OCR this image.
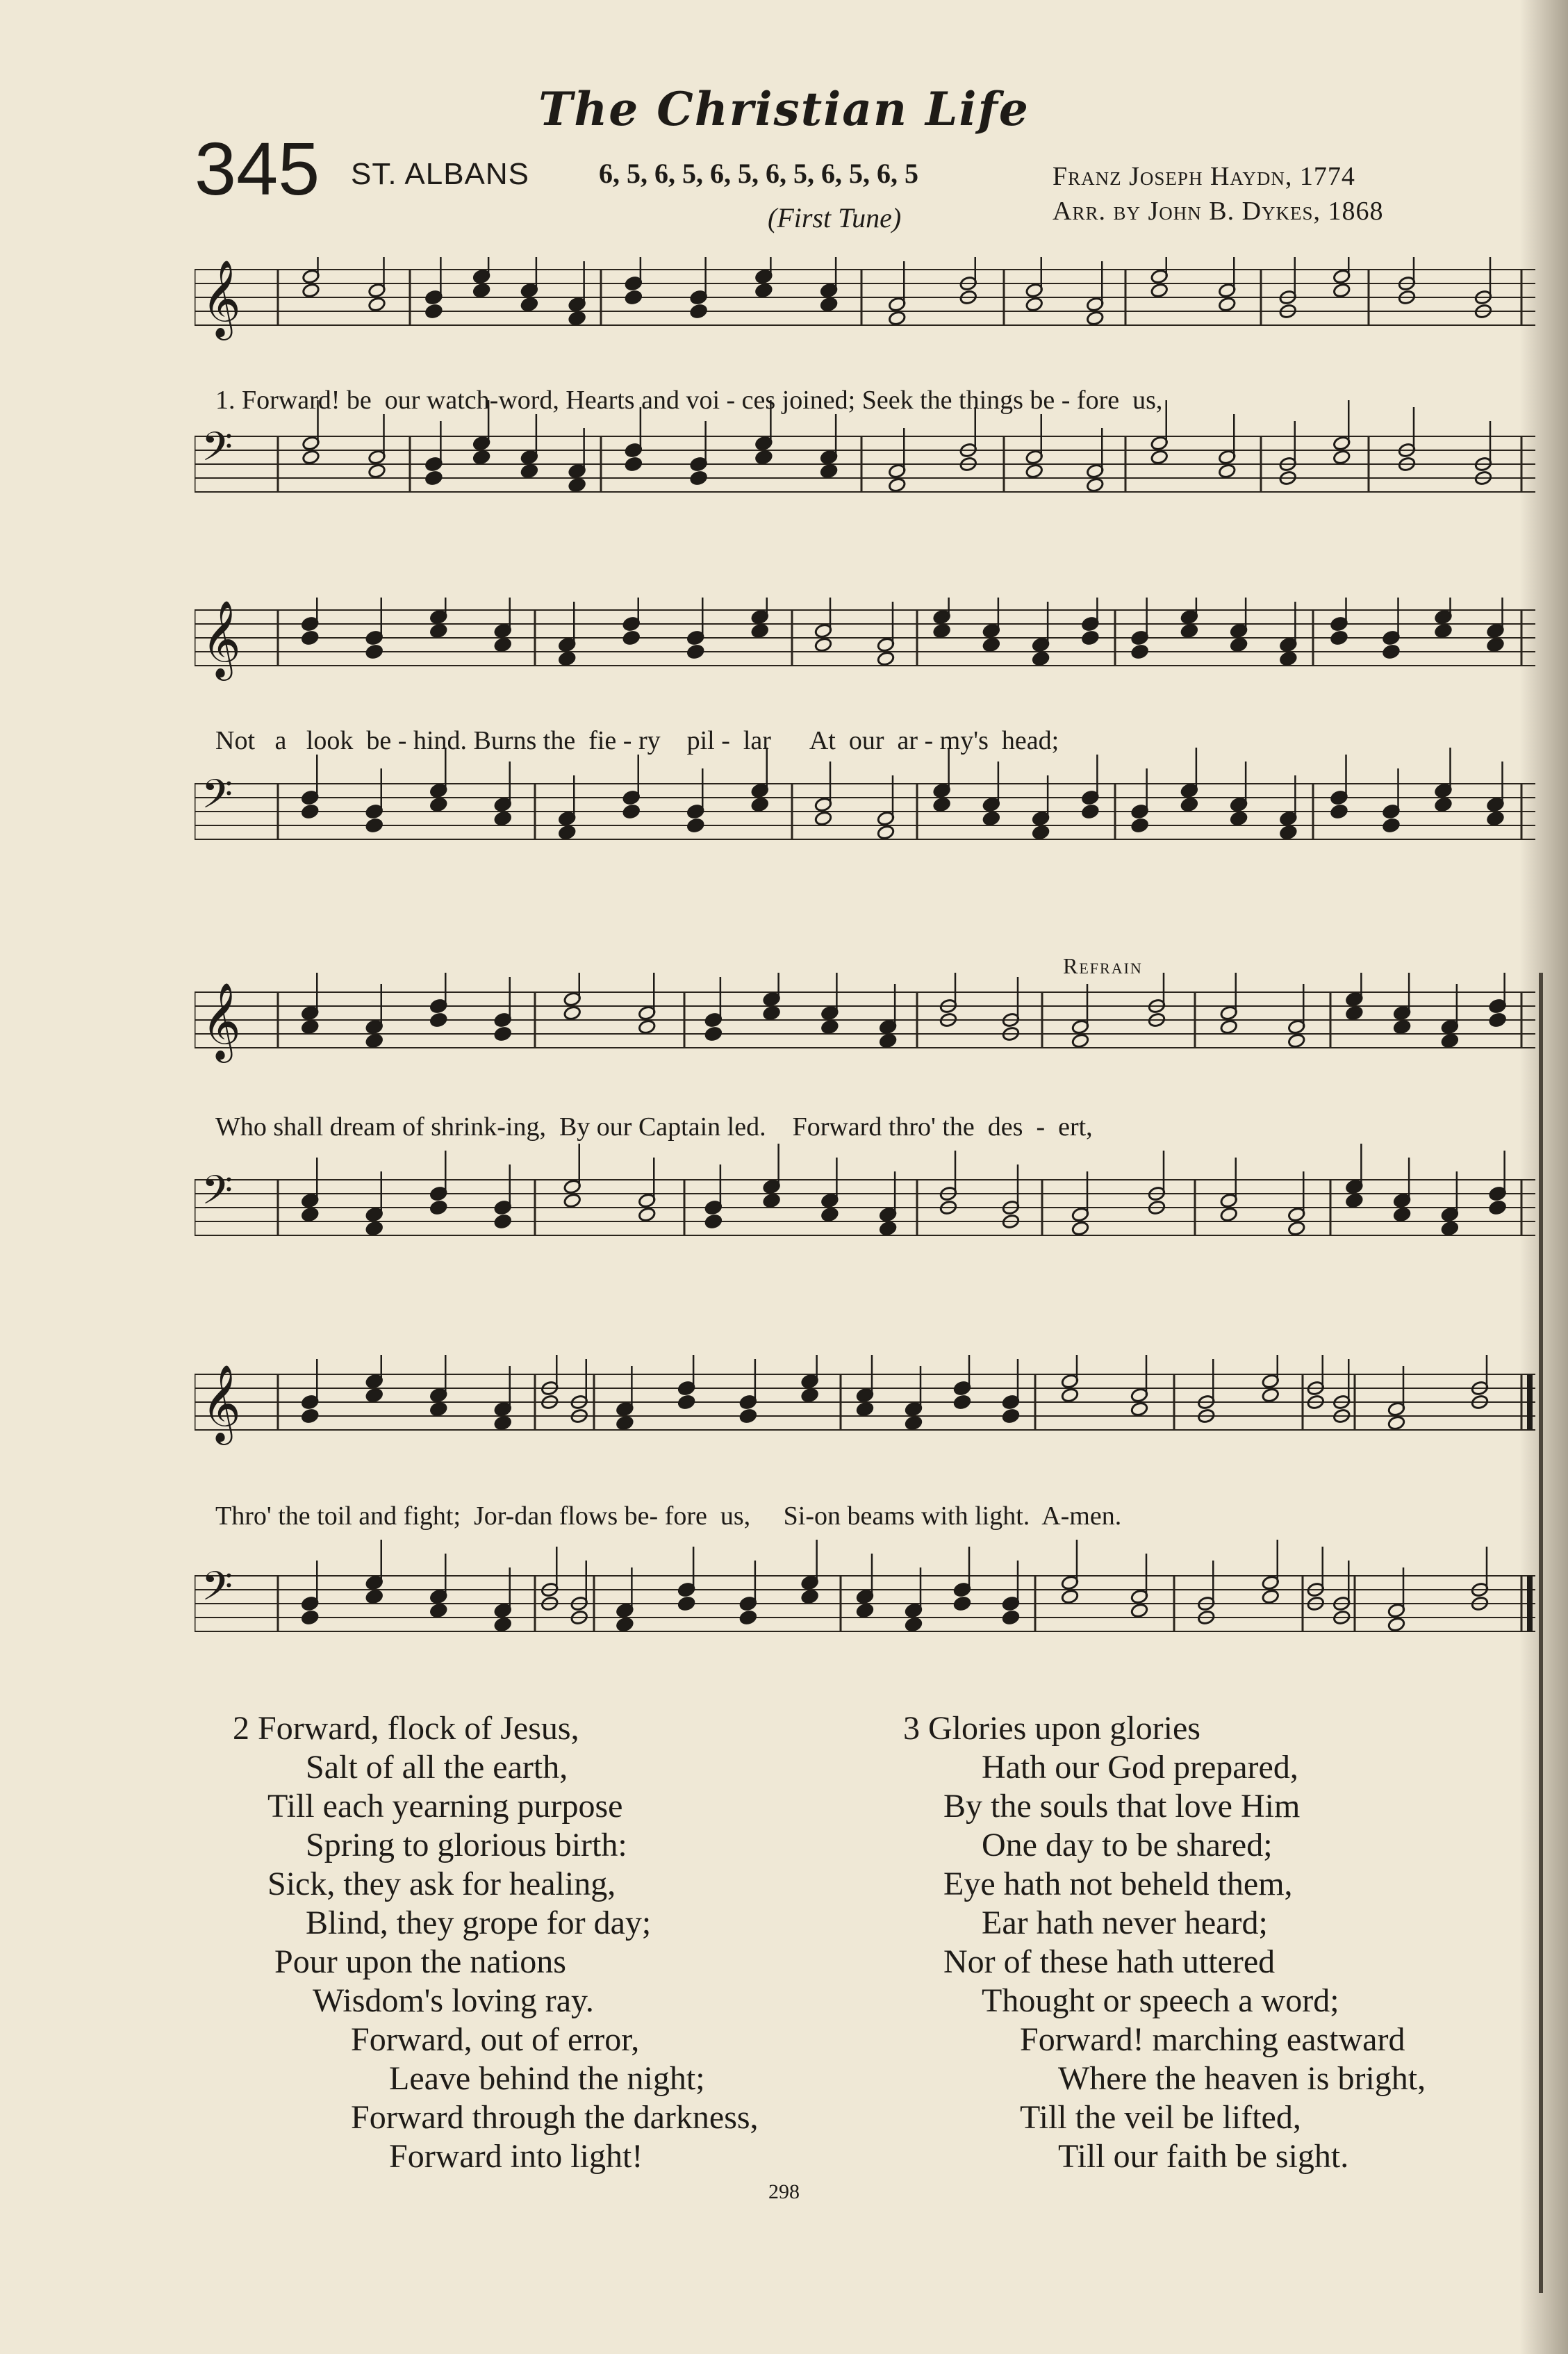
The Christian Life
345 ST. ALBANS 6, 5, 6, 5, 6, 5, 6, 5, 6, 5, 6, 5
(First Tune)
Franz Joseph Haydn, 1774
Arr. by John B. Dykes, 1868
𝄞
𝄢
1. Forward! be  our watch-word, Hearts and voi - ces joined; Seek the things be - fore  us,
𝄞
𝄢
Not   a   look  be - hind. Burns the  fie - ry    pil -  lar      At  our  ar - my's  head;
Refrain
𝄞
𝄢
Who shall dream of shrink-ing,  By our Captain led.    Forward thro' the  des  -  ert,
𝄞
𝄢
Thro' the toil and fight;  Jor-dan flows be- fore  us,     Si-on beams with light.  A-men.
2 Forward, flock of Jesus,
Salt of all the earth,
Till each yearning purpose
Spring to glorious birth:
Sick, they ask for healing,
Blind, they grope for day;
Pour upon the nations
Wisdom's loving ray.
Forward, out of error,
Leave behind the night;
Forward through the darkness,
Forward into light!
3 Glories upon glories
Hath our God prepared,
By the souls that love Him
One day to be shared;
Eye hath not beheld them,
Ear hath never heard;
Nor of these hath uttered
Thought or speech a word;
Forward! marching eastward
Where the heaven is bright,
Till the veil be lifted,
Till our faith be sight.
298
